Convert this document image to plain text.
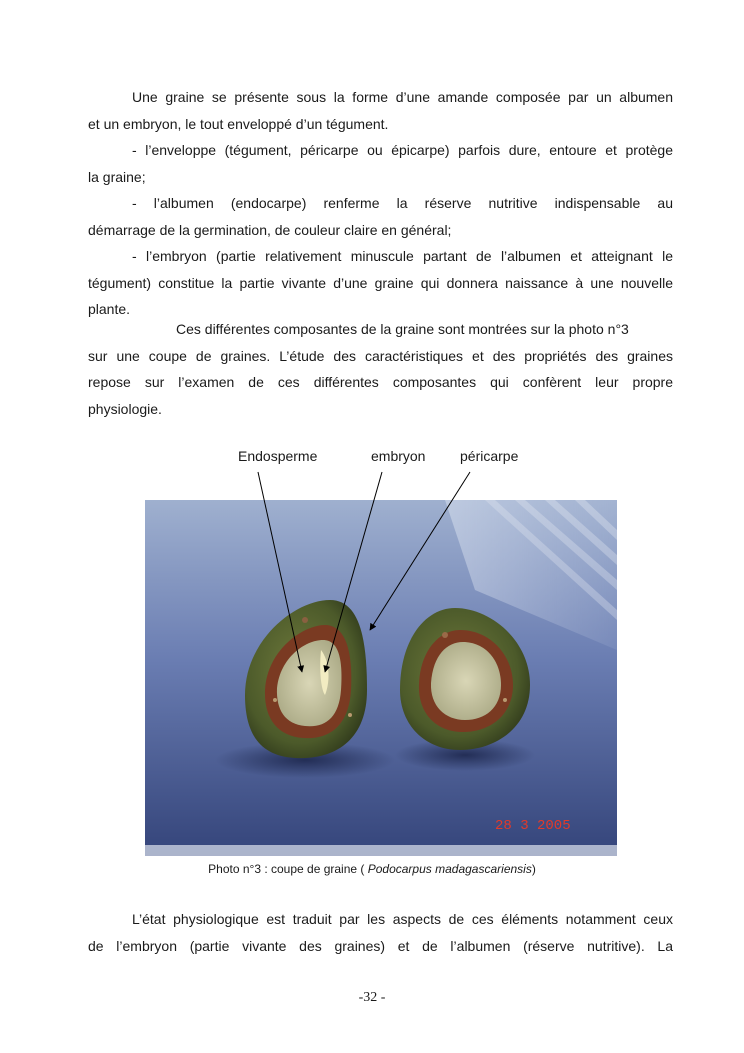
Une graine se présente sous la forme d’une amande composée par un albumen
et un embryon, le tout enveloppé d’un tégument.
- l’enveloppe (tégument, péricarpe ou épicarpe) parfois dure, entoure et protège
la graine;
- l’albumen (endocarpe) renferme la réserve nutritive indispensable au
démarrage de la germination, de couleur claire en général;
- l’embryon (partie relativement minuscule partant de l’albumen et atteignant le
tégument) constitue la partie vivante d’une graine qui donnera naissance à une nouvelle
plante.
Ces différentes composantes de la graine sont montrées sur la photo n°3
sur une coupe de graines. L’étude des caractéristiques et des propriétés des graines
repose sur l’examen de ces différentes composantes qui confèrent leur propre
physiologie.
Endosperme	embryon péricarpe
28 3 2005
Photo n°3 : coupe de graine ( Podocarpus madagascariensis)
L’état physiologique est traduit par les aspects de ces éléments notamment ceux
de l’embryon (partie vivante des graines) et de l’albumen (réserve nutritive). La
-32 -
